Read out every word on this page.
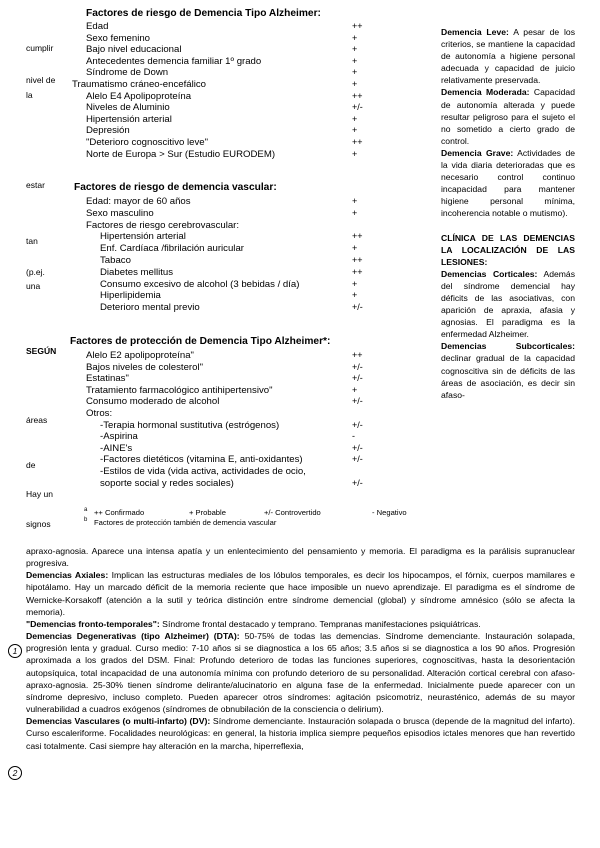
cumplir
nivel de
la
estar
tan
(p.ej.
una
SEGÚN
áreas
de
Hay un
signos
Factores de riesgo de Demencia Tipo Alzheimer:
Edad	++
Sexo femenino	+
Bajo nivel educacional	+
Antecedentes demencia familiar 1º grado	+
Síndrome de Down	+
Traumatismo cráneo-encefálico	+
Alelo E4 Apolipoproteína	++
Niveles de Aluminio	+/-
Hipertensión arterial	+
Depresión	+
"Deterioro cognoscitivo leve"	++
Norte de Europa > Sur (Estudio EURODEM)	+
Factores de riesgo de demencia vascular:
Edad: mayor de 60 años	+
Sexo masculino	+
Factores de riesgo cerebrovascular:
Hipertensión arterial	++
Enf. Cardíaca /fibrilación auricular	+
Tabaco	++
Diabetes mellitus	++
Consumo excesivo de alcohol (3 bebidas / día)	+
Hiperlipidemia	+
Deterioro mental previo	+/-
Factores de protección de Demencia Tipo Alzheimer*:
Alelo E2 apolipoproteína"	++
Bajos niveles de colesterol"	+/-
Estatinas"	+/-
Tratamiento farmacológico antihipertensivo"	+
Consumo moderado de alcohol	+/-
Otros:
-Terapia hormonal sustitutiva (estrógenos)	+/-
-Aspirina	-
-AINE's	+/-
-Factores dietéticos (vitamina E, anti-oxidantes)	+/-
-Estilos de vida (vida activa, actividades de ocio,
soporte social y redes sociales)	+/-
a ++ Confirmado	+ Probable	+/- Controvertido	- Negativo
b Factores de protección también de demencia vascular

Demencia Leve: A pesar de los criterios, se mantiene la capacidad de autonomía a higiene personal adecuada y capacidad de juicio relativamente preservada.

Demencia Moderada: Capacidad de autonomía alterada y puede resultar peligroso para el sujeto el no sometido a cierto grado de control.

Demencia Grave: Actividades de la vida diaria deterioradas que es necesario control continuo incapacidad para mantener higiene personal mínima, incoherencia notable o mutismo).

CLÍNICA DE LAS DEMENCIAS LA LOCALIZACIÓN DE LAS LESIONES:

Demencias Corticales: Además del síndrome demencial hay déficits de las asociativas, con aparición de apraxia, afasia y agnosias. El paradigma es la enfermedad Alzheimer.

Demencias Subcorticales: declinar gradual de la capacidad cognoscitiva sin de déficits de las áreas de asociación, es decir sin afaso-

apraxo-agnosia. Aparece una intensa apatía y un enlentecimiento del pensamiento y memoria. El paradigma es la parálisis supranuclear progresiva.

Demencias Axiales: Implican las estructuras mediales de los lóbulos temporales, es decir los hipocampos, el fórnix, cuerpos mamilares e hipotálamo. Hay un marcado déficit de la memoria reciente que hace imposible un nuevo aprendizaje. El paradigma es el síndrome de Wernicke-Korsakoff (atención a la sutil y teórica distinción entre síndrome demencial (global) y síndrome amnésico (sólo se afecta la memoria).

"Demencias fronto-temporales": Síndrome frontal destacado y temprano. Tempranas manifestaciones psiquiátricas.

Demencias Degenerativas (tipo Alzheimer) (DTA): 50-75% de todas las demencias. Síndrome demenciante. Instauración solapada, progresión lenta y gradual. Curso medio: 7-10 años si se diagnostica a los 65 años; 3.5 años si se diagnostica a los 90 años. Progresión aproximada a los grados del DSM. Final: Profundo deterioro de todas las funciones superiores, cognoscitivas, hasta la desorientación autopsíquica, total incapacidad de una autonomía mínima con profundo deterioro de su personalidad. Alteración cortical cerebral con afaso-apraxo-agnosia. 25-30% tienen síndrome delirante/alucinatorio en alguna fase de la enfermedad. Inicialmente puede aparecer con un síndrome depresivo, incluso completo. Pueden aparecer otros síndromes: agitación psicomotriz, neurasténico, además de su mayor vulnerabilidad a cuadros exógenos (síndromes de obnubilación de la consciencia o delirium).

Demencias Vasculares (o multi-infarto) (DV): Síndrome demenciante. Instauración solapada o brusca (depende de la magnitud del infarto). Curso escaleriforme. Focalidades neurológicas: en general, la historia implica siempre pequeños episodios ictales menores que han revertido casi totalmente. Casi siempre hay alteración en la marcha, hiperreflexia,

1
2
